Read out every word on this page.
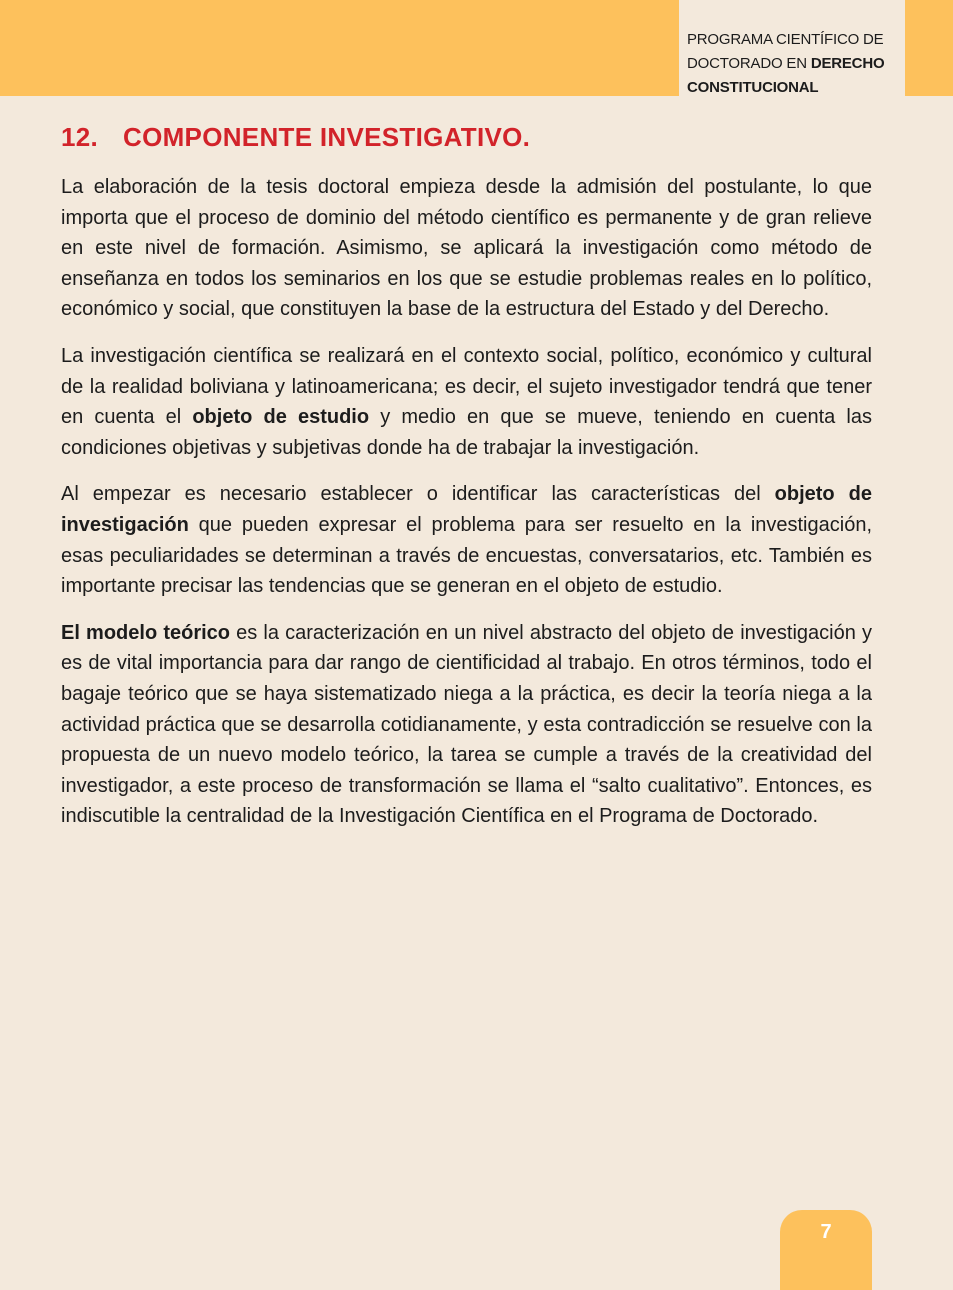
PROGRAMA CIENTÍFICO DE
DOCTORADO EN DERECHO
CONSTITUCIONAL
12. COMPONENTE INVESTIGATIVO.

La elaboración de la tesis doctoral empieza desde la admisión del postulante, lo que importa que el proceso de dominio del método científico es permanente y de gran relieve en este nivel de formación. Asimismo, se aplicará la investigación como método de enseñanza en todos los seminarios en los que se estudie problemas reales en lo político, económico y social, que constituyen la base de la estructura del Estado y del Derecho.

La investigación científica se realizará en el contexto social, político, económico y cultural de la realidad boliviana y latinoamericana; es decir, el sujeto investigador tendrá que tener en cuenta el objeto de estudio y medio en que se mueve, teniendo en cuenta las condiciones objetivas y subjetivas donde ha de trabajar la investigación.

Al empezar es necesario establecer o identificar las características del objeto de investigación que pueden expresar el problema para ser resuelto en la investigación, esas peculiaridades se determinan a través de encuestas, conversatarios, etc. También es importante precisar las tendencias que se generan en el objeto de estudio.

El modelo teórico es la caracterización en un nivel abstracto del objeto de investigación y es de vital importancia para dar rango de cientificidad al trabajo. En otros términos, todo el bagaje teórico que se haya sistematizado niega a la práctica, es decir la teoría niega a la actividad práctica que se desarrolla cotidianamente, y esta contradicción se resuelve con la propuesta de un nuevo modelo teórico, la tarea se cumple a través de la creatividad del investigador, a este proceso de transformación se llama el “salto cualitativo”. Entonces, es indiscutible la centralidad de la Investigación Científica en el Programa de Doctorado.

7
